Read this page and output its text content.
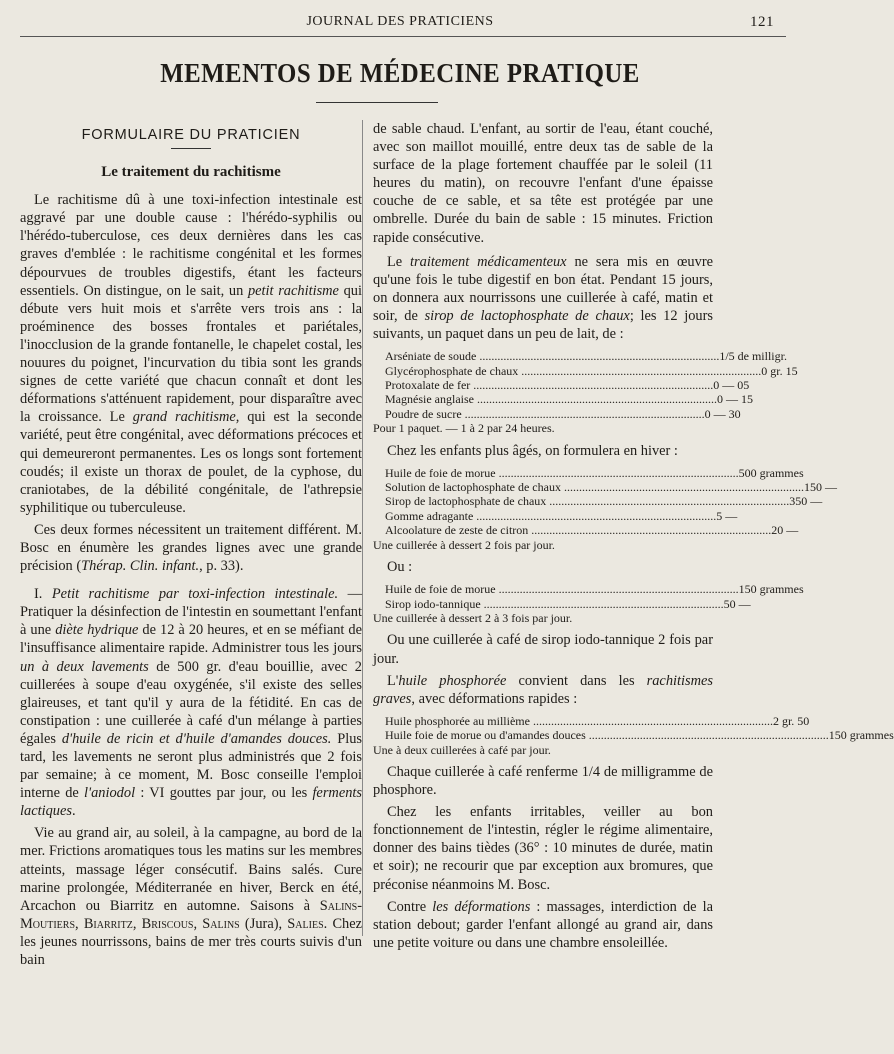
JOURNAL DES PRATICIENS	121
MEMENTOS DE MÉDECINE PRATIQUE
FORMULAIRE DU PRATICIEN
Le traitement du rachitisme

Le rachitisme dû à une toxi-infection intestinale est aggravé par une double cause : l'hérédo-syphilis ou l'hérédo-tuberculose, ces deux dernières dans les cas graves d'emblée : le rachitisme congénital et les formes dépourvues de troubles digestifs, étant les facteurs essentiels. On distingue, on le sait, un petit rachitisme qui débute vers huit mois et s'arrête vers trois ans : la proéminence des bosses frontales et pariétales, l'inocclusion de la grande fontanelle, le chapelet costal, les nouures du poignet, l'incurvation du tibia sont les grands signes de cette variété que chacun connaît et dont les déformations s'atténuent rapidement, pour disparaître avec la croissance. Le grand rachitisme, qui est la seconde variété, peut être congénital, avec déformations précoces et qui demeureront permanentes. Les os longs sont fortement coudés; il existe un thorax de poulet, de la cyphose, du craniotabes, de la débilité congénitale, de l'athrepsie syphilitique ou tuberculeuse.

Ces deux formes nécessitent un traitement différent. M. Bosc en énumère les grandes lignes avec une grande précision (Thérap. Clin. infant., p. 33).

I. Petit rachitisme par toxi-infection intestinale. — Pratiquer la désinfection de l'intestin en soumettant l'enfant à une diète hydrique de 12 à 20 heures, et en se méfiant de l'insuffisance alimentaire rapide. Administrer tous les jours un à deux lavements de 500 gr. d'eau bouillie, avec 2 cuillerées à soupe d'eau oxygénée, s'il existe des selles glaireuses, et tant qu'il y aura de la fétidité. En cas de constipation : une cuillerée à café d'un mélange à parties égales d'huile de ricin et d'huile d'amandes douces. Plus tard, les lavements ne seront plus administrés que 2 fois par semaine; à ce moment, M. Bosc conseille l'emploi interne de l'aniodol : VI gouttes par jour, ou les ferments lactiques.

Vie au grand air, au soleil, à la campagne, au bord de la mer. Frictions aromatiques tous les matins sur les membres atteints, massage léger consécutif. Bains salés. Cure marine prolongée, Méditerranée en hiver, Berck en été, Arcachon ou Biarritz en automne. Saisons à Salins-Moutiers, Biarritz, Briscous, Salins (Jura), Salies. Chez les jeunes nourrissons, bains de mer très courts suivis d'un bain

de sable chaud. L'enfant, au sortir de l'eau, étant couché, avec son maillot mouillé, entre deux tas de sable de la surface de la plage fortement chauffée par le soleil (11 heures du matin), on recouvre l'enfant d'une épaisse couche de ce sable, et sa tête est protégée par une ombrelle. Durée du bain de sable : 15 minutes. Friction rapide consécutive.

Le traitement médicamenteux ne sera mis en œuvre qu'une fois le tube digestif en bon état. Pendant 15 jours, on donnera aux nourrissons une cuillerée à café, matin et soir, de sirop de lactophosphate de chaux; les 12 jours suivants, un paquet dans un peu de lait, de :

Arséniate de soude ................................................................................ 1/5 de milligr.
Glycérophosphate de chaux ................................................................................ 0 gr. 15
Protoxalate de fer ................................................................................ 0 — 05
Magnésie anglaise ................................................................................ 0 — 15
Poudre de sucre ................................................................................ 0 — 30
Pour 1 paquet. — 1 à 2 par 24 heures.

Chez les enfants plus âgés, on formulera en hiver :

Huile de foie de morue ................................................................................ 500 grammes
Solution de lactophosphate de chaux ................................................................................ 150 —
Sirop de lactophosphate de chaux ................................................................................ 350 —
Gomme adragante ................................................................................ 5 —
Alcoolature de zeste de citron ................................................................................ 20 —
Une cuillerée à dessert 2 fois par jour.

Ou :

Huile de foie de morue ................................................................................ 150 grammes
Sirop iodo-tannique ................................................................................ 50 —
Une cuillerée à dessert 2 à 3 fois par jour.

Ou une cuillerée à café de sirop iodo-tannique 2 fois par jour.

L'huile phosphorée convient dans les rachitismes graves, avec déformations rapides :

Huile phosphorée au millième ................................................................................ 2 gr. 50
Huile foie de morue ou d'amandes douces ................................................................................ 150 grammes
Une à deux cuillerées à café par jour.

Chaque cuillerée à café renferme 1/4 de milligramme de phosphore.

Chez les enfants irritables, veiller au bon fonctionnement de l'intestin, régler le régime alimentaire, donner des bains tièdes (36° : 10 minutes de durée, matin et soir); ne recourir que par exception aux bromures, que préconise néanmoins M. Bosc.

Contre les déformations : massages, interdiction de la station debout; garder l'enfant allongé au grand air, dans une petite voiture ou dans une chambre ensoleillée.
